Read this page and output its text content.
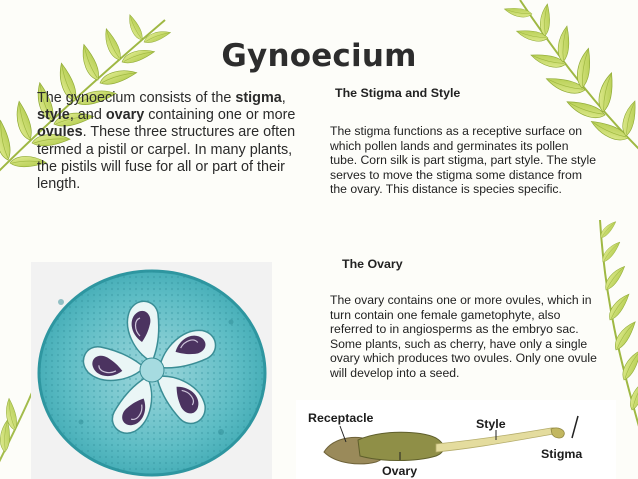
Gynoecium
The gynoecium consists of the stigma, style, and ovary containing one or more ovules. These three structures are often termed a pistil or carpel. In many plants, the pistils will fuse for all or part of their length.
The Stigma and Style
The stigma functions as a receptive surface on which pollen lands and germinates its pollen tube. Corn silk is part stigma, part style. The style serves to move the stigma some distance from the ovary. This distance is species specific.
The Ovary
The ovary contains one or more ovules, which in turn contain one female gametophyte, also referred to in angiosperms as the embryo sac. Some plants, such as cherry, have only a single ovary which produces two ovules. Only one ovule will develop into a seed.
Receptacle
Ovary
Style
Stigma
